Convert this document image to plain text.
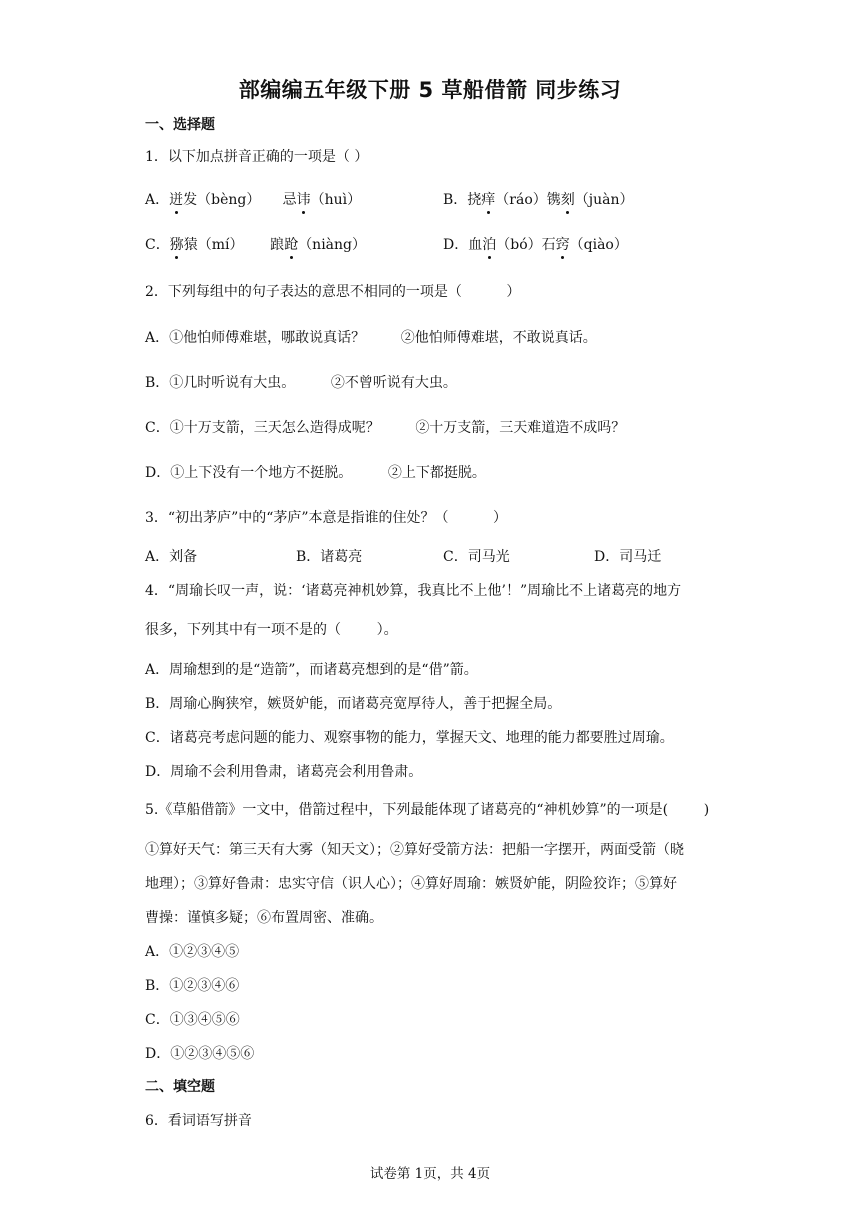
部编编五年级下册 5 草船借箭 同步练习
一、选择题
1．以下加点拼音正确的一项是（ ）
A．迸发（bèng）     忌讳（huì）	B．挠痒（ráo）镌刻（juàn）
C．猕猿（mí）      踉跄（niàng）	D．血泊（bó）石窍（qiào）
2．下列每组中的句子表达的意思不相同的一项是（          ）
A．①他怕师傅难堪，哪敢说真话？        ②他怕师傅难堪，不敢说真话。
B．①几时听说有大虫。        ②不曾听说有大虫。
C．①十万支箭，三天怎么造得成呢？        ②十万支箭，三天难道造不成吗？
D．①上下没有一个地方不挺脱。        ②上下都挺脱。
3．“初出茅庐”中的“茅庐”本意是指谁的住处？（          ）
A．刘备	B．诸葛亮	C．司马光	D．司马迁
4．“周瑜长叹一声，说：‘诸葛亮神机妙算，我真比不上他’！”周瑜比不上诸葛亮的地方
很多，下列其中有一项不是的（        ）。
A．周瑜想到的是“造箭”，而诸葛亮想到的是“借”箭。
B．周瑜心胸狭窄，嫉贤妒能，而诸葛亮宽厚待人，善于把握全局。
C．诸葛亮考虑问题的能力、观察事物的能力，掌握天文、地理的能力都要胜过周瑜。
D．周瑜不会利用鲁肃，诸葛亮会利用鲁肃。
5.《草船借箭》一文中，借箭过程中，下列最能体现了诸葛亮的“神机妙算”的一项是(        )
①算好天气：第三天有大雾（知天文）；②算好受箭方法：把船一字摆开，两面受箭（晓
地理）；③算好鲁肃：忠实守信（识人心）；④算好周瑜：嫉贤妒能，阴险狡诈；⑤算好
曹操：谨慎多疑；⑥布置周密、准确。
A．①②③④⑤
B．①②③④⑥
C．①③④⑤⑥
D．①②③④⑤⑥
二、填空题
6．看词语写拼音
试卷第 1页，共 4页
